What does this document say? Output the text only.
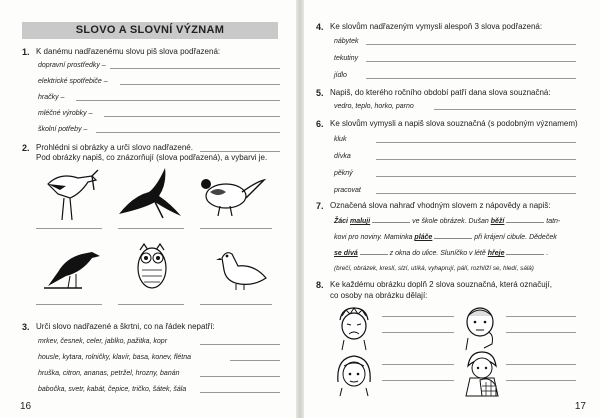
SLOVO A SLOVNÍ VÝZNAM
1. K danému nadřazenému slovu piš slova podřazená:
dopravní prostředky –
elektrické spotřebiče –
hračky –
mléčné výrobky –
školní potřeby –
2. Prohlédni si obrázky a urči slovo nadřazené.
Pod obrázky napiš, co znázorňují (slova podřazená), a vybarvi je.
3. Urči slovo nadřazené a škrtni, co na řádek nepatří:
mrkev, česnek, celer, jablko, pažitka, kopr
housle, kytara, rolničky, klavír, basa, konev, flétna
hruška, citron, ananas, petržel, hrozny, banán
babočka, svetr, kabát, čepice, tričko, šátek, šála
16
4. Ke slovům nadřazeným vymysli alespoň 3 slova podřazená:
nábytek
tekutiny
jídlo
5. Napiš, do kterého ročního období patří dana slova souznačná:
vedro, teplo, horko, parno
6. Ke slovům vymysli a napiš slova souznačná (s podobným významem)
kluk
dívka
pěkný
pracovat
7. Označená slova nahraď vhodným slovem z nápovědy a napiš:
Žáci maluji	ve škole obrázek. Dušan běží	tatn-
kovi pro noviny. Maminka pláče	při krájení cibule. Dědeček
se dívá	z okna do ulice. Sluníčko v létě hřeje	.
(brečí, obrázek, kreslí, slzí, utíká, vyhaprují, pálí, rozhlíží se, hledí, sálá)
8. Ke každému obrázku doplň 2 slova souznačná, která označují,
co osoby na obrázku dělají:
17
